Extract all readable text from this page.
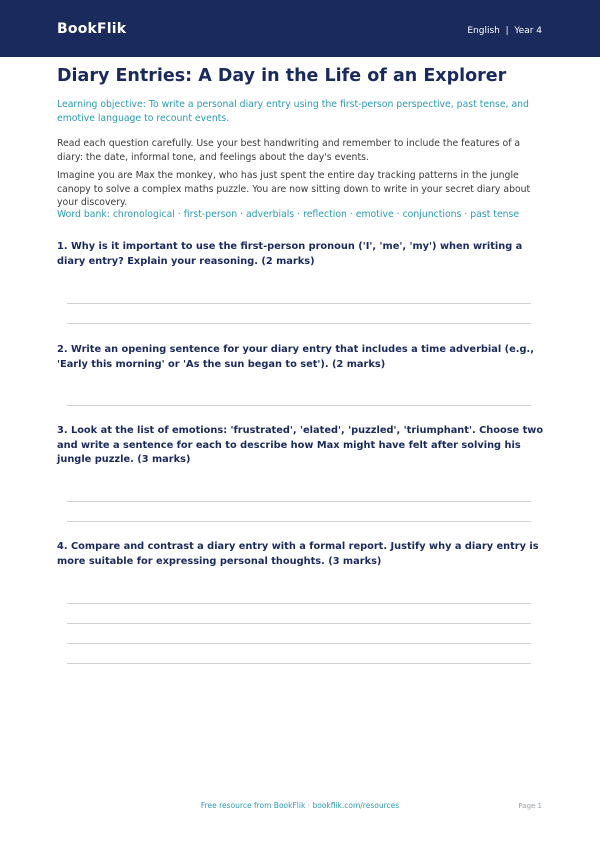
BookFlik	English  |  Year 4
Diary Entries: A Day in the Life of an Explorer

Learning objective: To write a personal diary entry using the first-person perspective, past tense, and emotive language to recount events.

Read each question carefully. Use your best handwriting and remember to include the features of a diary: the date, informal tone, and feelings about the day's events.

Imagine you are Max the monkey, who has just spent the entire day tracking patterns in the jungle canopy to solve a complex maths puzzle. You are now sitting down to write in your secret diary about your discovery.

Word bank: chronological · first-person · adverbials · reflection · emotive · conjunctions · past tense

1. Why is it important to use the first-person pronoun ('I', 'me', 'my') when writing a diary entry? Explain your reasoning. (2 marks)

2. Write an opening sentence for your diary entry that includes a time adverbial (e.g., 'Early this morning' or 'As the sun began to set'). (2 marks)

3. Look at the list of emotions: 'frustrated', 'elated', 'puzzled', 'triumphant'. Choose two and write a sentence for each to describe how Max might have felt after solving his jungle puzzle. (3 marks)

4. Compare and contrast a diary entry with a formal report. Justify why a diary entry is more suitable for expressing personal thoughts. (3 marks)

Free resource from BookFlik · bookflik.com/resources	Page 1
